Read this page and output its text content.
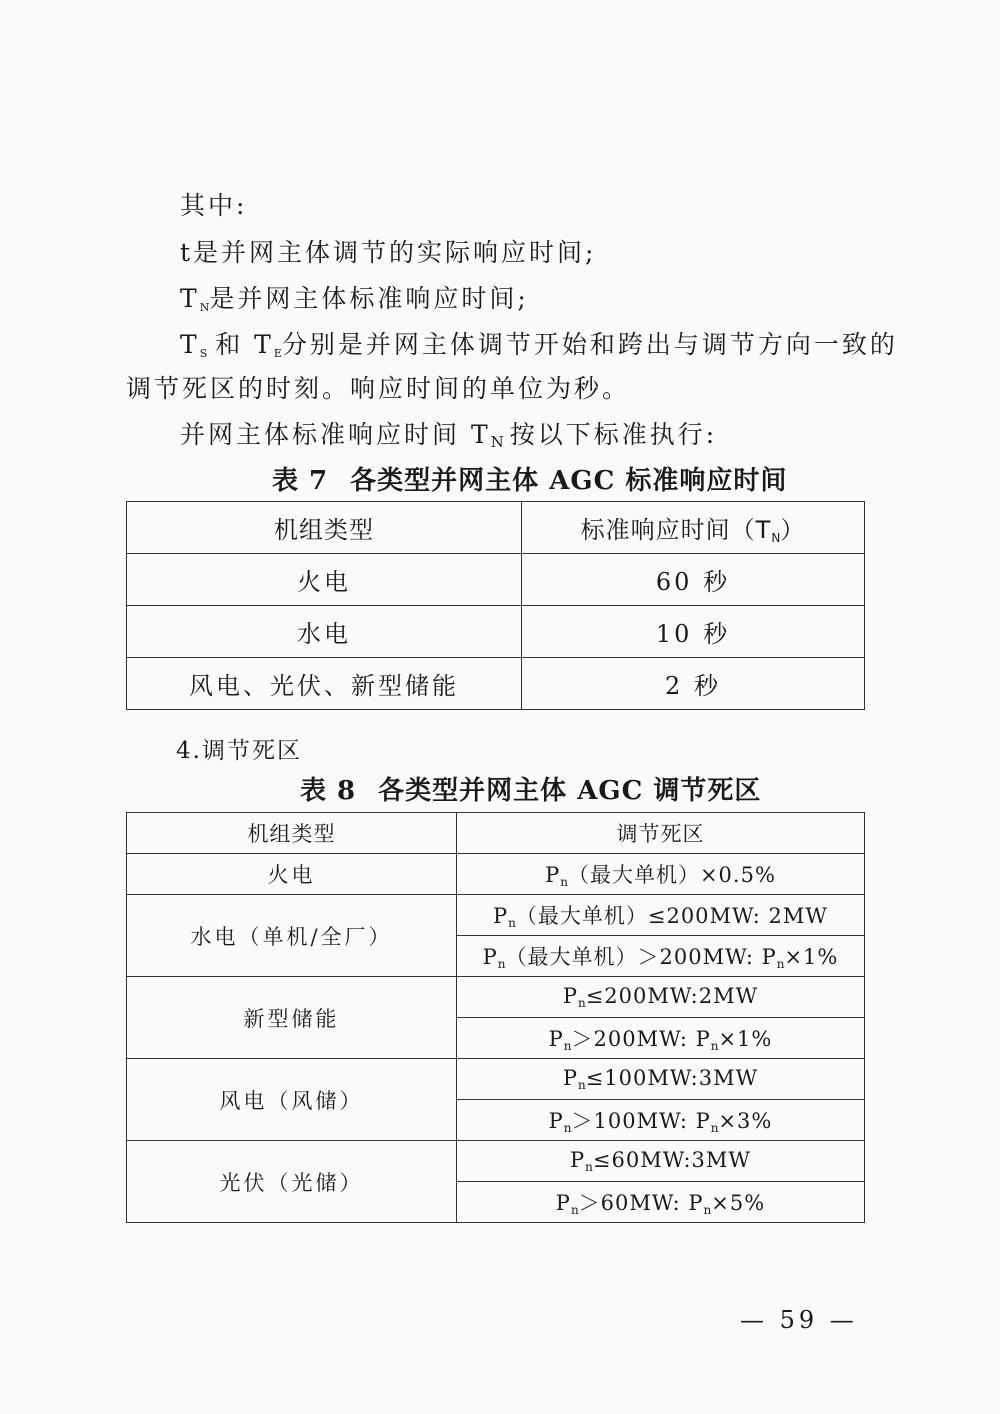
其中:
t是并网主体调节的实际响应时间;
$T_N$是并网主体标准响应时间;
$T_S$ 和 $T_E$分别是并网主体调节开始和跨出与调节方向一致的
调节死区的时刻。响应时间的单位为秒。
并网主体标准响应时间 TN 按以下标准执行:
表 7 各类型并网主体 AGC 标准响应时间
机组类型	标准响应时间（TN）
火电	60 秒
水电	10 秒
风电、光伏、新型储能	2 秒
4.调节死区
表 8 各类型并网主体 AGC 调节死区
机组类型	调节死区
火电	Pn（最大单机）×0.5%
水电（单机/全厂）	Pn（最大单机）≤200MW: 2MW
	Pn（最大单机）＞200MW: Pn×1%
新型储能	Pn≤200MW:2MW
	Pn＞200MW: Pn×1%
风电（风储）	Pn≤100MW:3MW
	Pn＞100MW: Pn×3%
光伏（光储）	Pn≤60MW:3MW
	Pn＞60MW: Pn×5%
— 59 —
